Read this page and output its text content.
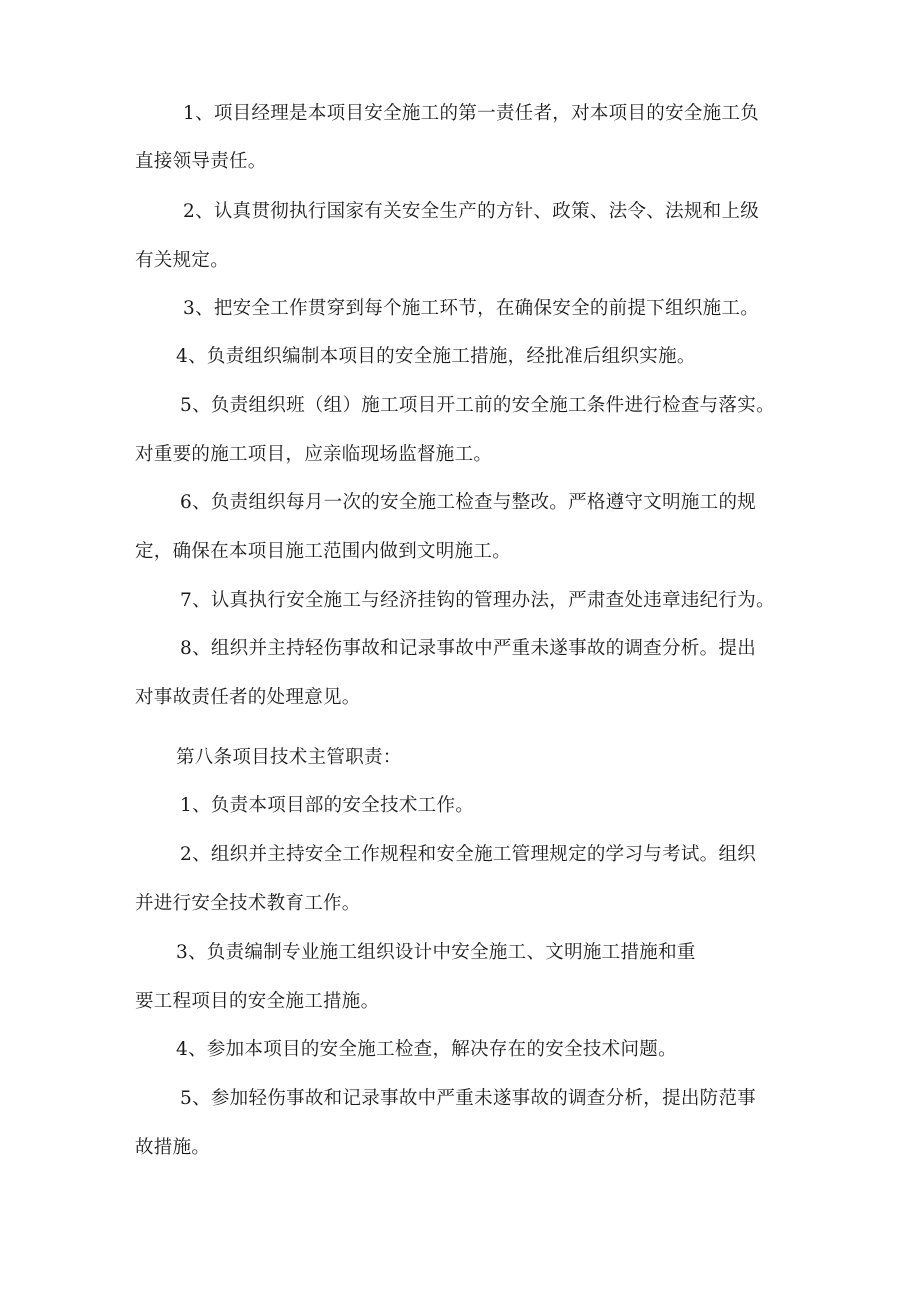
1、项目经理是本项目安全施工的第一责任者，对本项目的安全施工负
直接领导责任。
2、认真贯彻执行国家有关安全生产的方针、政策、法令、法规和上级
有关规定。
3、把安全工作贯穿到每个施工环节，在确保安全的前提下组织施工。
4、负责组织编制本项目的安全施工措施，经批准后组织实施。
5、负责组织班（组）施工项目开工前的安全施工条件进行检查与落实。
对重要的施工项目，应亲临现场监督施工。
6、负责组织每月一次的安全施工检查与整改。严格遵守文明施工的规
定，确保在本项目施工范围内做到文明施工。
7、认真执行安全施工与经济挂钩的管理办法，严肃查处违章违纪行为。
8、组织并主持轻伤事故和记录事故中严重未遂事故的调查分析。提出
对事故责任者的处理意见。
第八条项目技术主管职责：
1、负责本项目部的安全技术工作。
2、组织并主持安全工作规程和安全施工管理规定的学习与考试。组织
并进行安全技术教育工作。
3、负责编制专业施工组织设计中安全施工、文明施工措施和重
要工程项目的安全施工措施。
4、参加本项目的安全施工检查，解决存在的安全技术问题。
5、参加轻伤事故和记录事故中严重未遂事故的调查分析，提出防范事
故措施。
